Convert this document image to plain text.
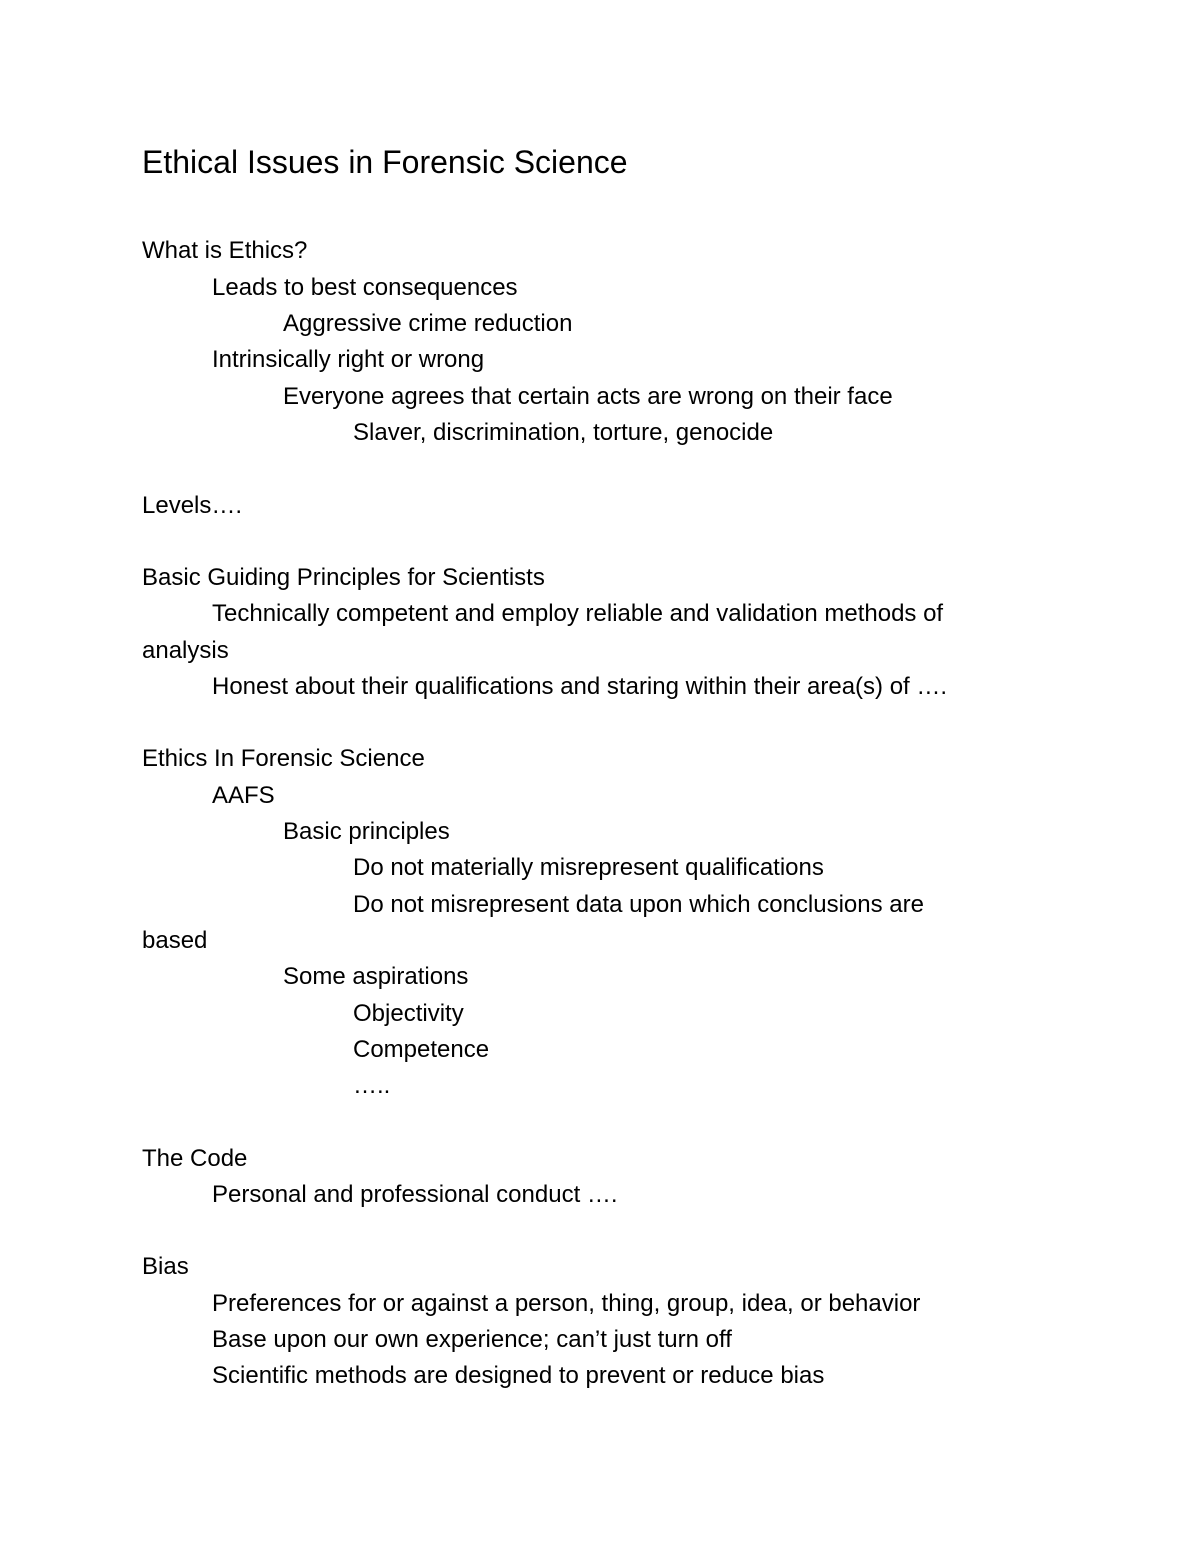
Ethical Issues in Forensic Science
What is Ethics?
Leads to best consequences
Aggressive crime reduction
Intrinsically right or wrong
Everyone agrees that certain acts are wrong on their face
Slaver, discrimination, torture, genocide
Levels….
Basic Guiding Principles for Scientists
Technically competent and employ reliable and validation methods of
analysis
Honest about their qualifications and staring within their area(s) of ….
Ethics In Forensic Science
AAFS
Basic principles
Do not materially misrepresent qualifications
Do not misrepresent data upon which conclusions are
based
Some aspirations
Objectivity
Competence
…..
The Code
Personal and professional conduct ….
Bias
Preferences for or against a person, thing, group, idea, or behavior
Base upon our own experience; can’t just turn off
Scientific methods are designed to prevent or reduce bias
